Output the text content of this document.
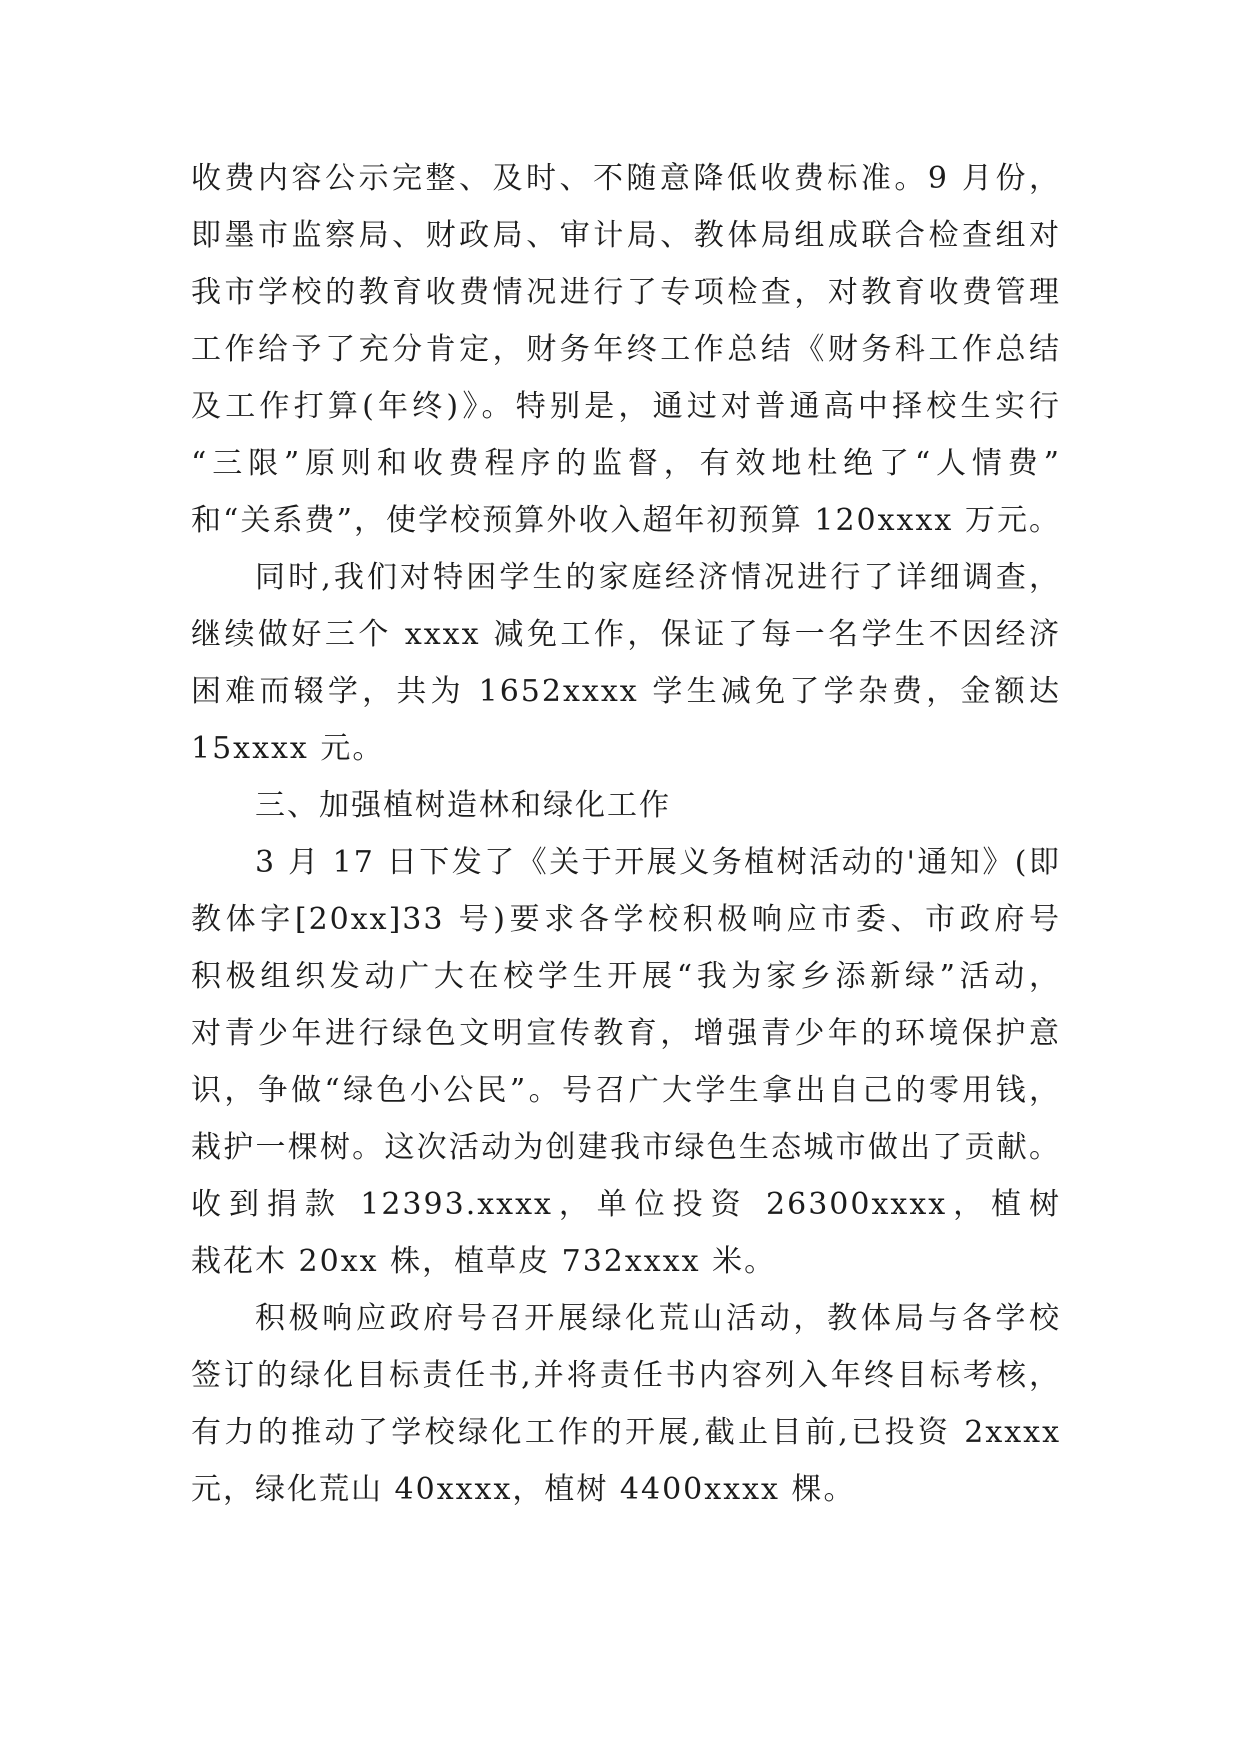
收费内容公示完整、及时、不随意降低收费标准。9 月份，
即墨市监察局、财政局、审计局、教体局组成联合检查组对
我市学校的教育收费情况进行了专项检查，对教育收费管理
工作给予了充分肯定，财务年终工作总结《财务科工作总结
及工作打算(年终)》。特别是，通过对普通高中择校生实行
“三限”原则和收费程序的监督，有效地杜绝了“人情费”
和“关系费”，使学校预算外收入超年初预算 120xxxx 万元。
同时,我们对特困学生的家庭经济情况进行了详细调查，
继续做好三个 xxxx 减免工作，保证了每一名学生不因经济
困难而辍学，共为 1652xxxx 学生减免了学杂费，金额达
15xxxx 元。
三、加强植树造林和绿化工作
3 月 17 日下发了《关于开展义务植树活动的'通知》(即
教体字[20xx]33 号)要求各学校积极响应市委、市政府号
积极组织发动广大在校学生开展“我为家乡添新绿”活动，
对青少年进行绿色文明宣传教育，增强青少年的环境保护意
识，争做“绿色小公民”。号召广大学生拿出自己的零用钱，
栽护一棵树。这次活动为创建我市绿色生态城市做出了贡献。
收到捐款 12393.xxxx，单位投资 26300xxxx，植树
栽花木 20xx 株，植草皮 732xxxx 米。
积极响应政府号召开展绿化荒山活动，教体局与各学校
签订的绿化目标责任书,并将责任书内容列入年终目标考核，
有力的推动了学校绿化工作的开展,截止目前,已投资 2xxxx
元，绿化荒山 40xxxx，植树 4400xxxx 棵。
